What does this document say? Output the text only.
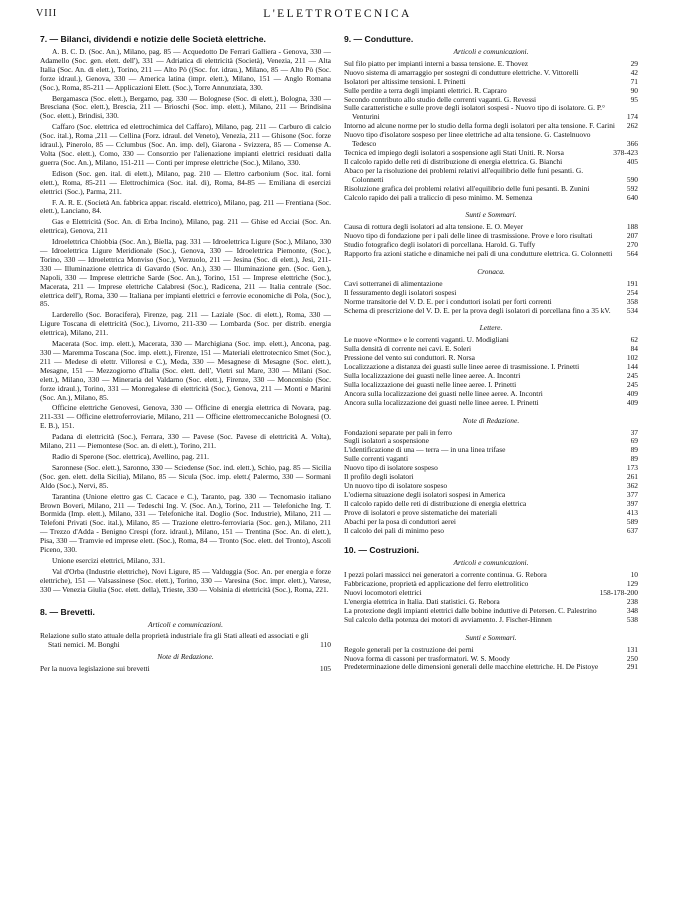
VIII	L'ELETTROTECNICA
7. — Bilanci, dividendi e notizie delle Società elettriche.
A. B. C. D. (Soc. An.), Milano, pag. 85 — Acquedotto De Ferrari Galliera - Genova, 330 — Adamello (Soc. gen. elett. dell'), 331 — Adriatica di elettricità (Società), Venezia, 211 — Alta Italia (Soc. An. di elett.), Torino, 211 — Alto Pò ((Soc. for. idrau.), Milano, 85 — Alto Pò (Soc. forze idraul.), Genova, 330 — America latina (impr. elett.), Milano, 151 — Anglo Romana (Soc.), Roma, 85-211 — Applicazioni Elett. (Soc.), Torre Annunziata, 330.
Bergamasca (Soc. elett.), Bergamo, pag. 330 — Bolognese (Soc. di elett.), Bologna, 330 — Bresciana (Soc. elett.), Brescia, 211 — Brioschi (Soc. imp. elett.), Milano, 211 — Brindisina (Soc. elett.), Brindisi, 330.
Caffaro (Soc. elettrica ed elettrochimica del Caffaro), Milano, pag. 211 — Carburo di calcio (Soc. ital.), Roma ,211 — Cellina (Forz. idraul. del Veneto), Venezia, 211 — Ghisone (Soc. forze idraul.), Pinerolo, 85 — Cclumbus (Soc. An. imp. del), Giarona - Svizzera, 85 — Comense A. Volta (Soc. elett.), Como, 330 — Consorzio per l'alienazione impianti elettrici residuati dalla guerra (Soc. An.), Milano, 151-211 — Conti per imprese elettriche (Soc.), Milano, 330.
Edison (Soc. gen. ital. di elett.), Milano, pag. 210 — Elettro carbonium (Soc. ital. forni elett.), Roma, 85-211 — Elettrochimica (Soc. ital. di), Roma, 84-85 — Emiliana di esercizi elettrici (Soc.), Parma, 211.
F. A. R. E. (Società An. fabbrica appar. riscald. elettrico), Milano, pag. 211 — Frentiana (Soc. elett.), Lanciano, 84.
Gas e Elettricità (Soc. An. di Erba Incino), Milano, pag. 211 — Ghise ed Acciai (Soc. An. elettrica), Genova, 211
Idroelettrica Chiobbia (Soc. An.), Biella, pag. 331 — Idroelettrica Ligure (Soc.), Milano, 330 — Idroelettrica Ligure Meridionale (Soc.), Genova, 330 — Idroelettrica Piemonte, (Soc.), Torino, 330 — Idroelettrica Monviso (Soc.), Verzuolo, 211 — Jesina (Soc. di elett.), Jesi, 211-330 — Illuminazione elettrica di Gavardo (Soc. An.), 330 — Illuminazione gen. (Soc. Gen.), Napoli, 330 — Imprese elettriche Sarde (Soc. An.), Torino, 151 — Imprese elettriche (Soc.), Macerata, 211 — Imprese elettriche Calabresi (Soc.), Radicena, 211 — Italia centrale (Soc. elettrica dell'), Roma, 330 — Italiana per impianti elettrici e ferrovie economiche di Pola, (Soc.), 85.
Larderello (Soc. Boracifera), Firenze, pag. 211 — Laziale (Soc. di elett.), Roma, 330 — Ligure Toscana di elettricità (Soc.), Livorno, 211-330 — Lombarda (Soc. per distrib. energia elettrica), Milano, 211.
Macerata (Soc. imp. elett.), Macerata, 330 — Marchigiana (Soc. imp. elett.), Ancona, pag. 330 — Maremma Toscana (Soc. imp. elett.), Firenze, 151 — Materiali elettrotecnico Smet (Soc.), 211 — Medese di elettr. Villoresi e C.), Meda, 330 — Mesagnese di Mesagne (Soc. elett.), Mesagne, 151 — Mezzogiorno d'Italia (Soc. elett. dell', Vietri sul Mare, 330 — Milani (Soc. elett.), Milano, 330 — Mineraria del Valdarno (Soc. elett.), Firenze, 330 — Moncenisio (Soc. forze idraul.), Torino, 331 — Monregalese di elettricità (Soc.), Genova, 211 — Monti e Marini (Soc. An.), Milano, 85.
Officine elettriche Genovesi, Genova, 330 — Officine di energia elettrica di Novara, pag. 211-331 — Officine elettroferroviarie, Milano, 211 — Officine elettromeccaniche Bolognesi (O. E. B.), 151.
Padana di elettricità (Soc.), Ferrara, 330 — Pavese (Soc. Pavese di elettricità A. Volta), Milano, 211 — Piemontese (Soc. an. di elett.), Torino, 211.
Radio di Sperone (Soc. elettrica), Avellino, pag. 211.
Saronnese (Soc. elett.), Saronno, 330 — Sciedense (Soc. ind. elett.), Schio, pag. 85 — Sicilia (Soc. gen. elett. della Sicilia), Milano, 85 — Sicula (Soc. imp. elett.( Palermo, 330 — Sormani Aldo (Soc.), Nervi, 85.
Tarantina (Unione elettro gas C. Cacace e C.), Taranto, pag. 330 — Tecnomasio italiano Brown Boveri, Milano, 211 — Tedeschi Ing. V. (Soc. An.), Torino, 211 — Telefoniche Ing. T. Bormida (Imp. elett.), Milano, 331 — Telefoniche ital. Doglio (Soc. Industrie), Milano, 211 — Telefoni Privati (Soc. ital.), Milano, 85 — Trazione elettro-ferroviaria (Soc. gen.), Milano, 211 — Trezzo d'Adda - Benigno Crespi (forz. idraul.), Milano, 151 — Trentina (Soc. An. di elett.), Pisa, 330 — Tramvie ed imprese elett. (Soc.), Roma, 84 — Tronto (Soc. elett. del Tronto), Ascoli Piceno, 330.
Unione esercizi elettrici, Milano, 331.
Val d'Orba (Industrie elettriche), Novi Ligure, 85 — Valduggia (Soc. An. per energia e forze elettriche), 151 — Valsassinese (Soc. elett.), Torino, 330 — Varesina (Soc. impr. elett.), Varese, 330 — Venezia Giulia (Soc. elett. della), Trieste, 330 — Volsinia di elettricità (Soc.), Roma, 221.
8. — Brevetti.
Articoli e comunicazioni.
Relazione sullo stato attuale della proprietà industriale fra gli Stati alleati ed associati e gli Stati nemici. M. Bonghi	110
Note di Redazione.
Per la nuova legislazione sui brevetti	105
9. — Condutture.
Articoli e comunicazioni.
Sul filo piatto per impianti interni a bassa tensione. E. Thovez	29
Nuovo sistema di amarraggio per sostegni di condutture elettriche. V. Vittorelli	42
Isolatori per altissime tensioni. I. Prinetti	71
Sulle perdite a terra degli impianti elettrici. R. Capraro	90
Secondo contributo allo studio delle correnti vaganti. G. Revessi	95
Sulle caratteristiche e sulle prove degli isolatori sospesi - Nuovo tipo di isolatore. G. P.° Venturini	174
Intorno ad alcune norme per lo studio della forma degli isolatori per alta tensione. F. Carini	262
Nuovo tipo d'isolatore sospeso per linee elettriche ad alta tensione. G. Castelnuovo Tedesco	366
Tecnica ed impiego degli isolatori a sospensione agli Stati Uniti. R. Norsa	378-423
Il calcolo rapido delle reti di distribuzione di energia elettrica. G. Bianchi	405
Abaco per la risoluzione dei problemi relativi all'equilibrio delle funi pesanti. G. Colonnetti	590
Risoluzione grafica dei problemi relativi all'equilibrio delle funi pesanti. B. Zunini	592
Calcolo rapido dei pali a traliccio di peso minimo. M. Semenza	640
Sunti e Sommari.
Causa di rottura degli isolatori ad alta tensione. E. O. Meyer	188
Nuovo tipo di fondazione per i pali delle linee di trasmissione. Prove e loro risultati	207
Studio fotografico degli isolatori di porcellana. Harold. G. Tuffy	270
Rapporto fra azioni statiche e dinamiche nei pali di una condutture elettrica. G. Colonnetti	564
Cronaca.
Cavi sotterranei di alimentazione	191
Il fessuramento degli isolatori sospesi	254
Norme transitorie del V. D. E. per i conduttori isolati per forti correnti	358
Schema di prescrizione del V. D. E. per la prova degli isolatori di porcellana fino a 35 kV.	534
Lettere.
Le nuove «Norme» e le correnti vaganti. U. Modigliani	62
Sulla densità di corrente nei cavi. E. Soleri	84
Pressione del vento sui conduttori. R. Norsa	102
Localizzazione a distanza dei guasti sulle linee aeree di trasmissione. I. Prinetti	144
Sulla localizzazione dei guasti nelle linee aeree. A. Incontri	245
Sulla localizzazione dei guasti nelle linee aeree. I. Prinetti	245
Ancora sulla localizzazione dei guasti nelle linee aeree. A. Incontri	409
Ancora sulla localizzazione dei guasti nelle linee aeree. I. Prinetti	409
Note di Redazione.
Fondazioni separate per pali in ferro	37
Sugli isolatori a sospensione	69
L'identificazione di una — terra — in una linea trifase	89
Sulle correnti vaganti	89
Nuovo tipo di isolatore sospeso	173
Il profilo degli isolatori	261
Un nuovo tipo di isolatore sospeso	362
L'odierna situazione degli isolatori sospesi in America	377
Il calcolo rapido delle reti di distribuzione di energia elettrica	397
Prove di isolatori e prove sistematiche dei materiali	413
Abachi per la posa di conduttori aerei	589
Il calcolo dei pali di minimo peso	637
10. — Costruzioni.
Articoli e comunicazioni.
I pezzi polari massicci nei generatori a corrente continua. G. Rebora	10
Fabbricazione, proprietà ed applicazione del ferro elettrolitico	129
Nuovi locomotori elettrici	158-178-200
L'energia elettrica in Italia. Dati statistici. G. Rebora	238
La protezione degli impianti elettrici dalle bobine induttive di Petersen. C. Palestrino	348
Sul calcolo della potenza dei motori di avviamento. J. Fischer-Hinnen	538
Sunti e Sommari.
Regole generali per la costruzione dei perni	131
Nuova forma di cassoni per trasformatori. W. S. Moody	250
Predeterminazione delle dimensioni generali delle macchine elettriche. H. De Pistoye	291
